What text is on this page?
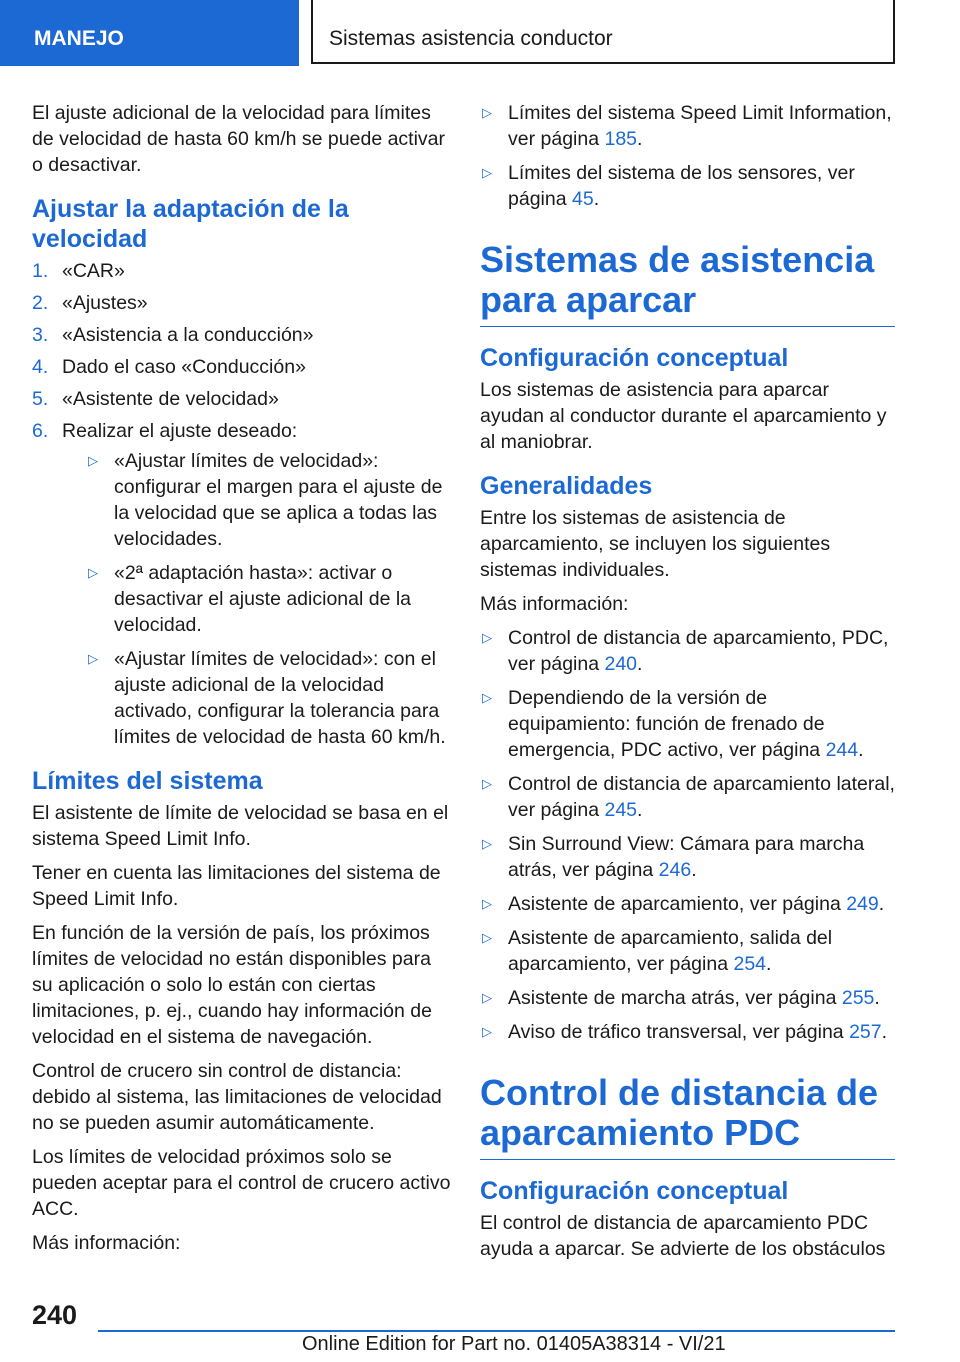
MANEJO	Sistemas asistencia conductor

El ajuste adicional de la velocidad para límites de velocidad de hasta 60 km/h se puede activar o desactivar.

Ajustar la adaptación de la velocidad
1. «CAR»
2. «Ajustes»
3. «Asistencia a la conducción»
4. Dado el caso «Conducción»
5. «Asistente de velocidad»
6. Realizar el ajuste deseado:
▷ «Ajustar límites de velocidad»: configurar el margen para el ajuste de la velocidad que se aplica a todas las velocidades.
▷ «2ª adaptación hasta»: activar o desactivar el ajuste adicional de la velocidad.
▷ «Ajustar límites de velocidad»: con el ajuste adicional de la velocidad activado, configurar la tolerancia para límites de velocidad de hasta 60 km/h.
Límites del sistema

El asistente de límite de velocidad se basa en el sistema Speed Limit Info.

Tener en cuenta las limitaciones del sistema de Speed Limit Info.

En función de la versión de país, los próximos límites de velocidad no están disponibles para su aplicación o solo lo están con ciertas limitaciones, p. ej., cuando hay información de velocidad en el sistema de navegación.

Control de crucero sin control de distancia: debido al sistema, las limitaciones de velocidad no se pueden asumir automáticamente.

Los límites de velocidad próximos solo se pueden aceptar para el control de crucero activo ACC.

Más información:

▷ Límites del sistema Speed Limit Information, ver página 185.
▷ Límites del sistema de los sensores, ver página 45.
Sistemas de asistencia para aparcar
Configuración conceptual

Los sistemas de asistencia para aparcar ayudan al conductor durante el aparcamiento y al maniobrar.

Generalidades

Entre los sistemas de asistencia de aparcamiento, se incluyen los siguientes sistemas individuales.

Más información:

▷ Control de distancia de aparcamiento, PDC, ver página 240.
▷ Dependiendo de la versión de equipamiento: función de frenado de emergencia, PDC activo, ver página 244.
▷ Control de distancia de aparcamiento lateral, ver página 245.
▷ Sin Surround View: Cámara para marcha atrás, ver página 246.
▷ Asistente de aparcamiento, ver página 249.
▷ Asistente de aparcamiento, salida del aparcamiento, ver página 254.
▷ Asistente de marcha atrás, ver página 255.
▷ Aviso de tráfico transversal, ver página 257.
Control de distancia de aparcamiento PDC
Configuración conceptual

El control de distancia de aparcamiento PDC ayuda a aparcar. Se advierte de los obstáculos

240
Online Edition for Part no. 01405A38314 - VI/21
